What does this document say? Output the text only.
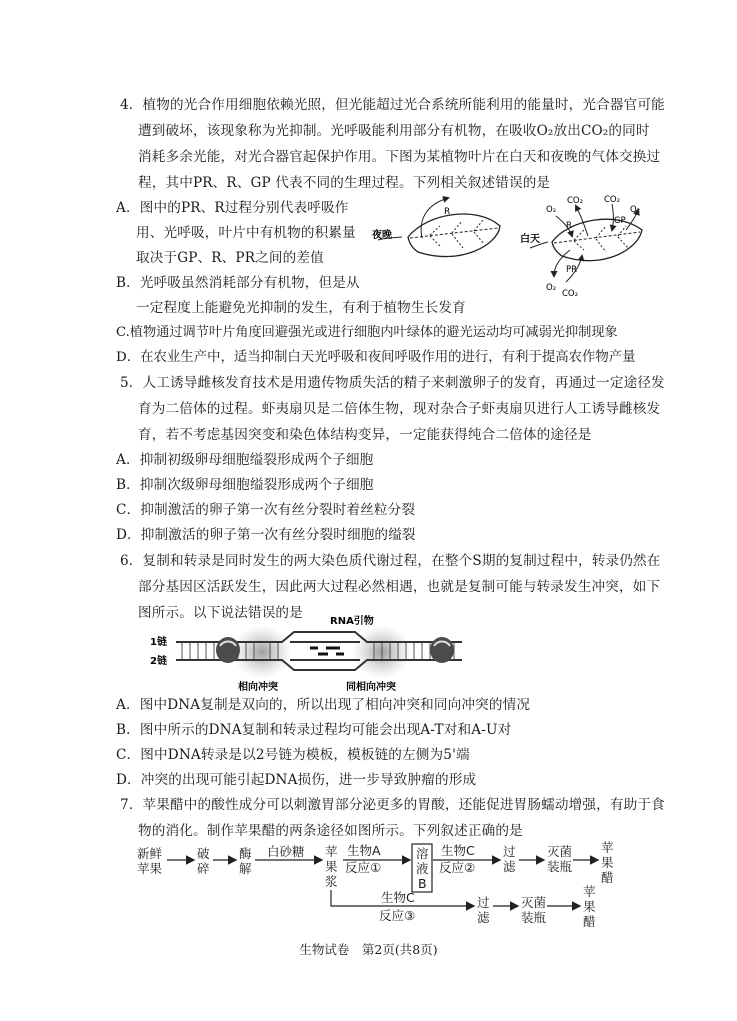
4．植物的光合作用细胞依赖光照，但光能超过光合系统所能利用的能量时，光合器官可能
遭到破坏，该现象称为光抑制。光呼吸能利用部分有机物，在吸收O₂放出CO₂的同时
消耗多余光能，对光合器官起保护作用。下图为某植物叶片在白天和夜晚的气体交换过
程，其中PR、R、GP 代表不同的生理过程。下列相关叙述错误的是
A．图中的PR、R过程分别代表呼吸作
用、光呼吸，叶片中有机物的积累量
取决于GP、R、PR之间的差值
B．光呼吸虽然消耗部分有机物，但是从
一定程度上能避免光抑制的发生，有利于植物生长发育
C.植物通过调节叶片角度回避强光或进行细胞内叶绿体的避光运动均可减弱光抑制现象
D．在农业生产中，适当抑制白天光呼吸和夜间呼吸作用的进行，有利于提高农作物产量
夜晚
R
白天
O₂
CO₂ CO₂
O₂
R	GP
PR
O₂
CO₂
5．人工诱导雌核发育技术是用遗传物质失活的精子来刺激卵子的发育，再通过一定途径发
育为二倍体的过程。虾夷扇贝是二倍体生物，现对杂合子虾夷扇贝进行人工诱导雌核发
育，若不考虑基因突变和染色体结构变异，一定能获得纯合二倍体的途径是
A．抑制初级卵母细胞缢裂形成两个子细胞
B．抑制次级卵母细胞缢裂形成两个子细胞
C．抑制激活的卵子第一次有丝分裂时着丝粒分裂
D．抑制激活的卵子第一次有丝分裂时细胞的缢裂
6．复制和转录是同时发生的两大染色质代谢过程，在整个S期的复制过程中，转录仍然在
部分基因区活跃发生，因此两大过程必然相遇，也就是复制可能与转录发生冲突，如下
图所示。以下说法错误的是
1链
2链
RNA引物
相向冲突	同相向冲突
A．图中DNA复制是双向的，所以出现了相向冲突和同向冲突的情况
B．图中所示的DNA复制和转录过程均可能会出现A-T对和A-U对
C．图中DNA转录是以2号链为模板，模板链的左侧为5'端
D．冲突的出现可能引起DNA损伤，进一步导致肿瘤的形成
7．苹果醋中的酸性成分可以刺激胃部分泌更多的胃酸，还能促进胃肠蠕动增强，有助于食
物的消化。制作苹果醋的两条途径如图所示。下列叙述正确的是
新鲜
苹果
破
碎
酶
解
白砂糖 苹
果
浆
生物A
反应①
溶
液
B
生物C
反应②
过
滤
灭菌
装瓶
苹
果
醋
生物C
反应③
过
滤
灭菌
装瓶
苹
果
醋
生物试卷　第2页(共8页)
